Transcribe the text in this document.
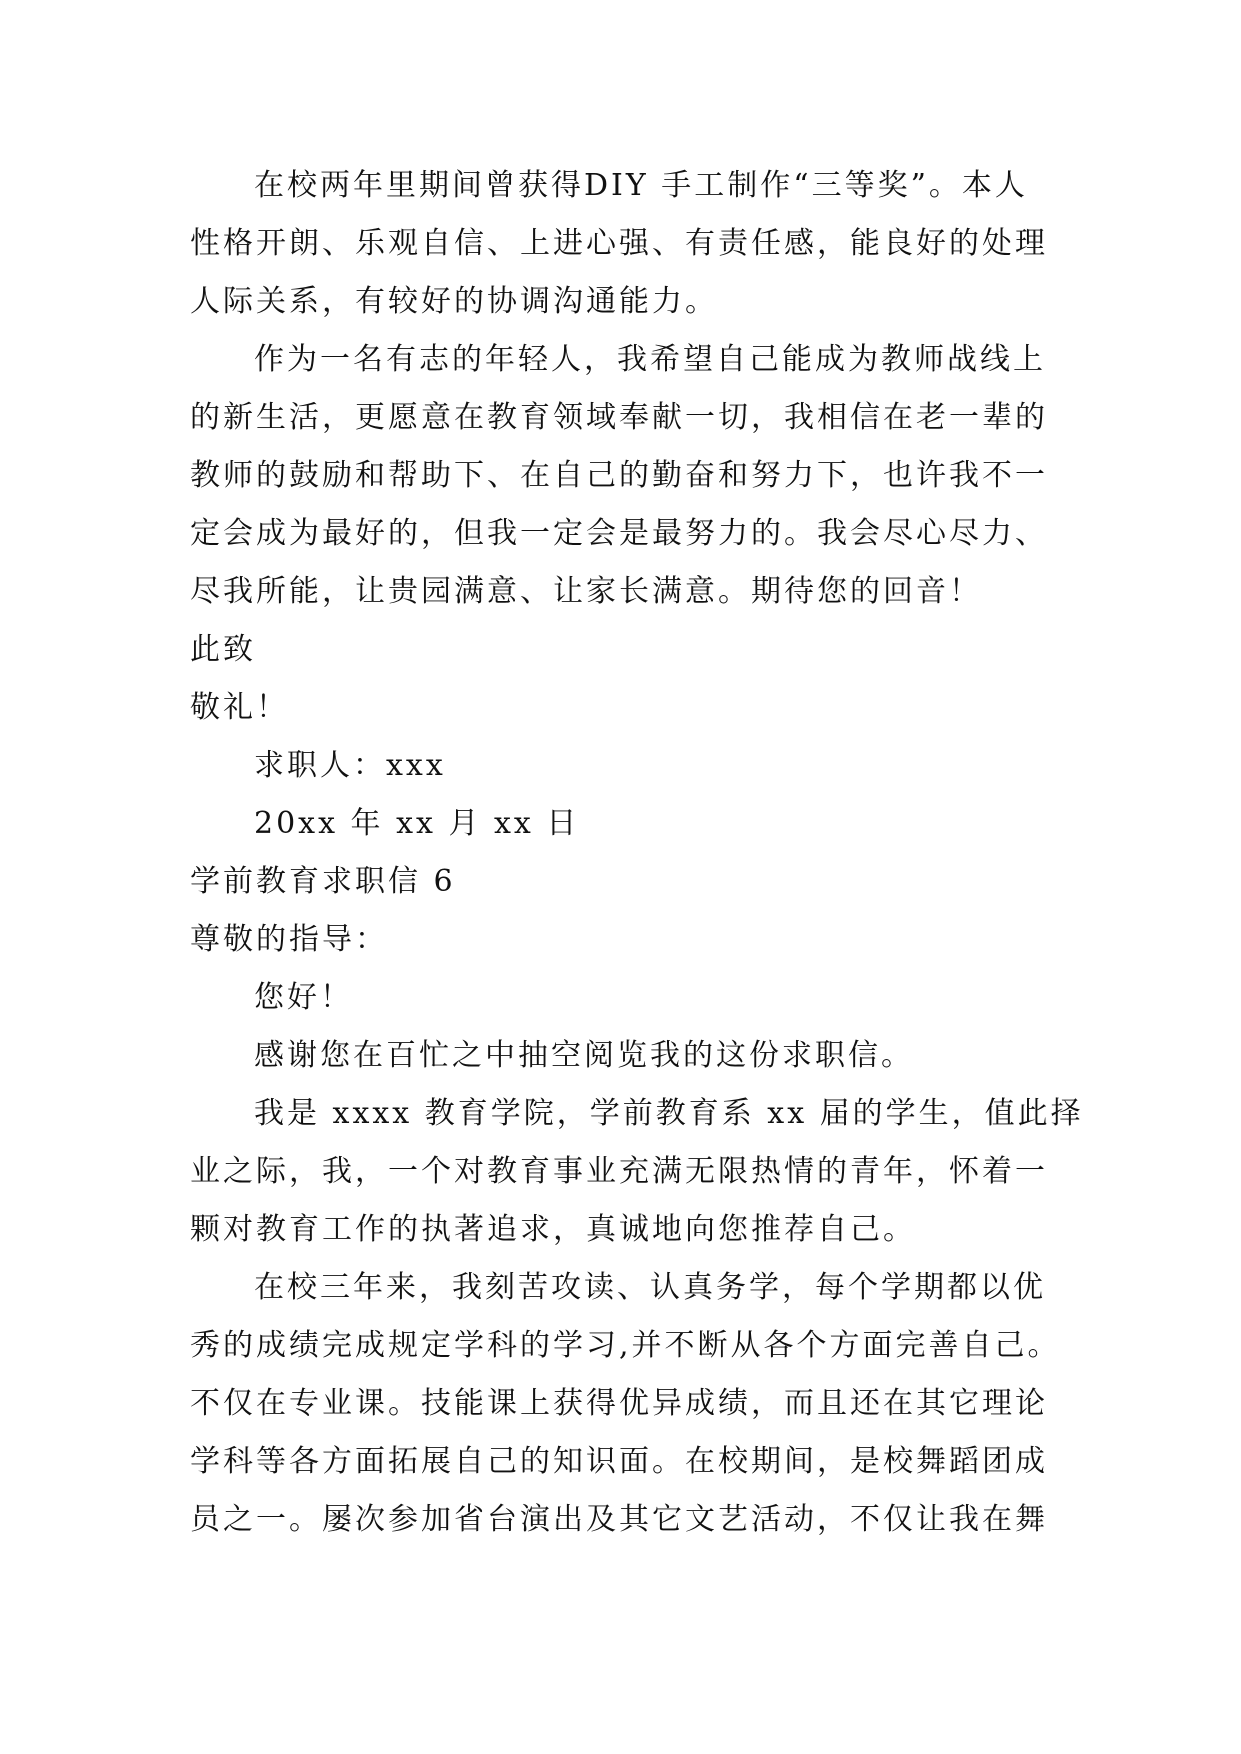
在校两年里期间曾获得DIY 手工制作“三等奖”。本人
性格开朗、乐观自信、上进心强、有责任感，能良好的处理
人际关系，有较好的协调沟通能力。
作为一名有志的年轻人，我希望自己能成为教师战线上
的新生活，更愿意在教育领域奉献一切，我相信在老一辈的
教师的鼓励和帮助下、在自己的勤奋和努力下，也许我不一
定会成为最好的，但我一定会是最努力的。我会尽心尽力、
尽我所能，让贵园满意、让家长满意。期待您的回音！
此致
敬礼！
求职人：xxx
20xx 年 xx 月 xx 日
学前教育求职信 6
尊敬的指导：
您好！
感谢您在百忙之中抽空阅览我的这份求职信。
我是 xxxx 教育学院，学前教育系 xx 届的学生，值此择
业之际，我，一个对教育事业充满无限热情的青年，怀着一
颗对教育工作的执著追求，真诚地向您推荐自己。
在校三年来，我刻苦攻读、认真务学，每个学期都以优
秀的成绩完成规定学科的学习,并不断从各个方面完善自己。
不仅在专业课。技能课上获得优异成绩，而且还在其它理论
学科等各方面拓展自己的知识面。在校期间，是校舞蹈团成
员之一。屡次参加省台演出及其它文艺活动，不仅让我在舞
